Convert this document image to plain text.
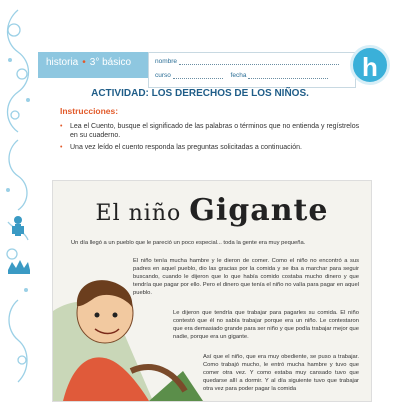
historia • 3° básico	nombre
curso	fecha	h
ACTIVIDAD: LOS DERECHOS DE LOS NIÑOS.
Instrucciones:
• Lea el Cuento, busque el significado de las palabras o términos que no entienda y regístrelos en su cuaderno.
• Una vez leído el cuento responda las preguntas solicitadas a continuación.
El niño Gigante
Un día llegó a un pueblo que le pareció un poco especial... toda la gente era muy pequeña.
El niño tenía mucha hambre y le dieron de comer. Como el niño no encontró a sus padres en aquel pueblo, dio las gracias por la comida y se iba a marchar para seguir buscando, cuando le dijeron que lo que había comido costaba mucho dinero y que tendría que pagar por ello. Pero el dinero que tenía el niño no valía para pagar en aquel pueblo.
Le dijeron que tendría que trabajar para pagarles su comida. El niño contestó que él no sabía trabajar porque era un niño. Le contestaron que era demasiado grande para ser niño y que podía trabajar mejor que nadie, porque era un gigante.
Así que el niño, que era muy obediente, se puso a trabajar. Como trabajó mucho, le entró mucha hambre y tuvo que comer otra vez. Y como estaba muy cansado tuvo que quedarse allí a dormir. Y al día siguiente tuvo que trabajar otra vez para poder pagar la comida
